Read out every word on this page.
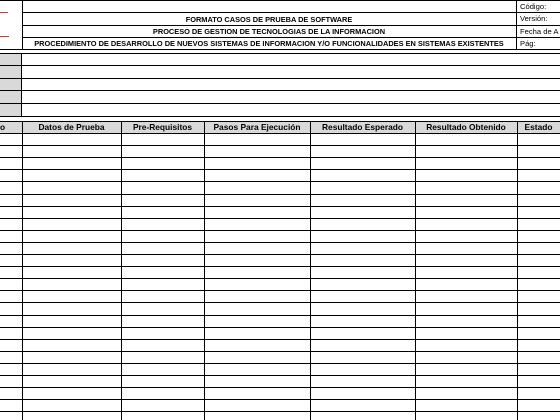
FORMATO CASOS DE PRUEBA DE SOFTWARE
PROCESO DE GESTION DE TECNOLOGIAS DE LA INFORMACION
PROCEDIMIENTO DE DESARROLLO DE NUEVOS SISTEMAS DE INFORMACION Y/O FUNCIONALIDADES EN SISTEMAS EXISTENTES
Código:
Versión:
Fecha de A
Pág:
o	Datos de Prueba	Pre-Requisitos	Pasos Para Ejecución	Resultado Esperado	Resultado Obtenido	Estado
